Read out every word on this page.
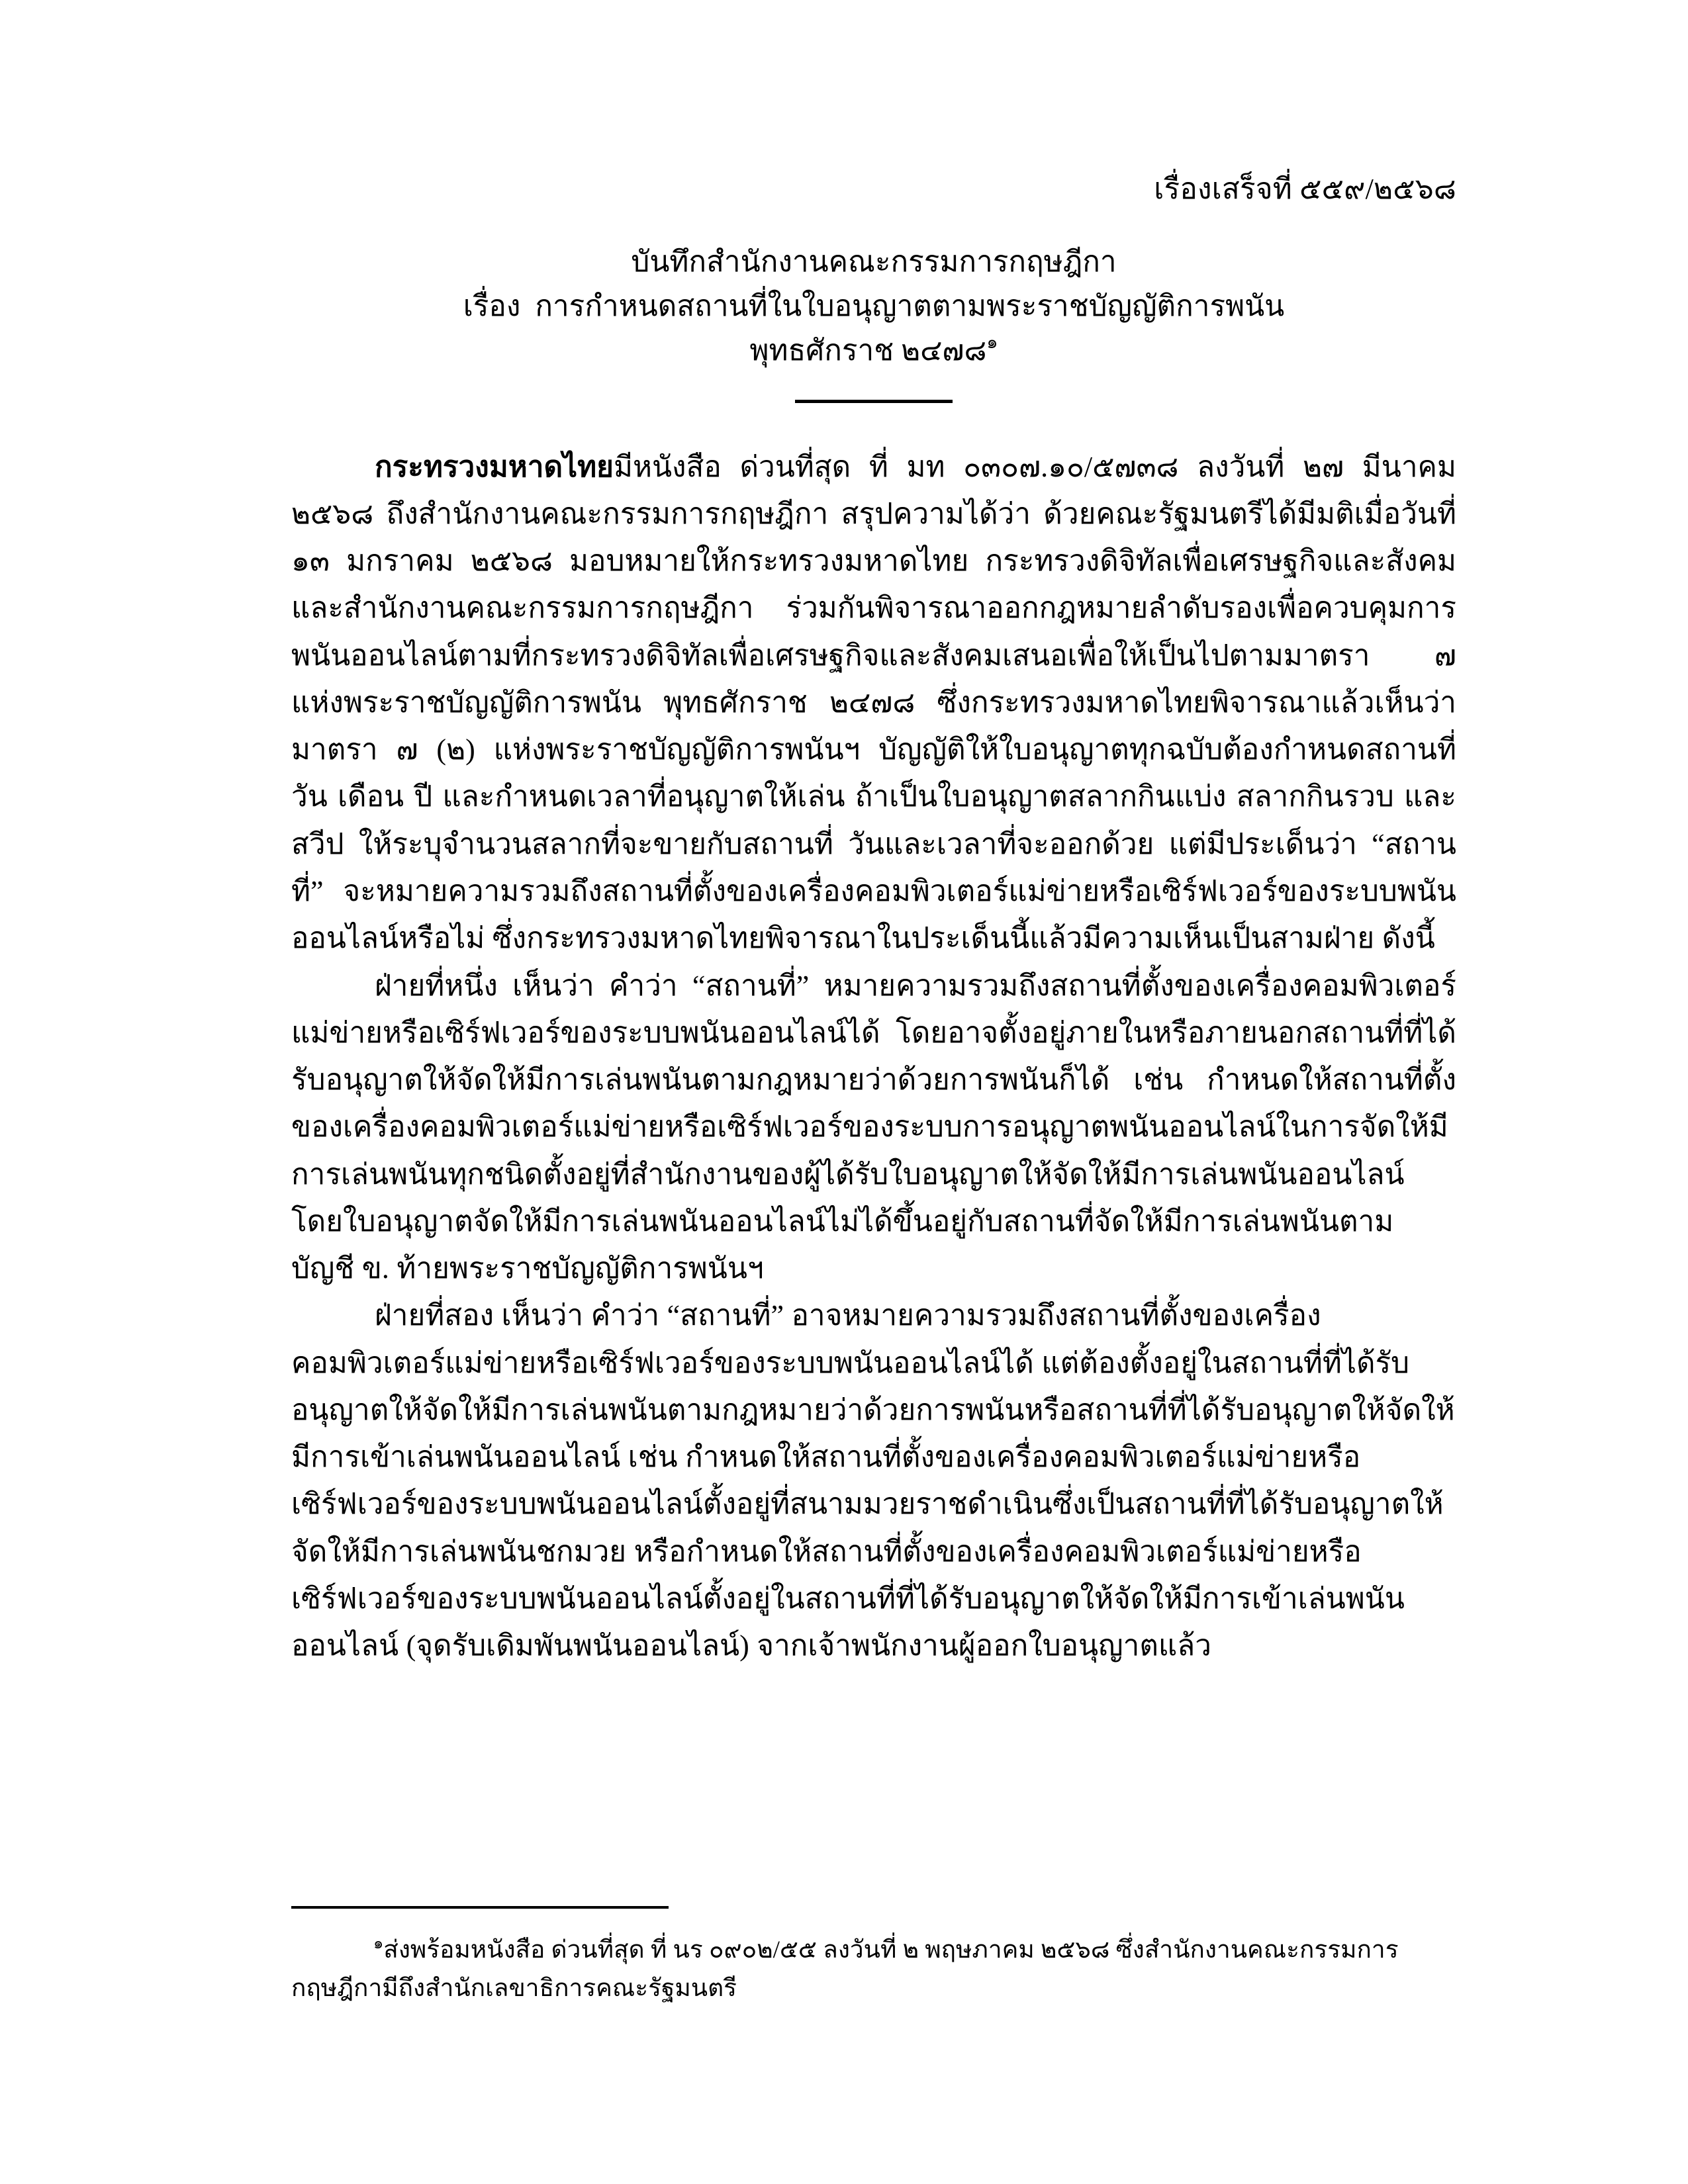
เรื่องเสร็จที่ ๕๕๙/๒๕๖๘
บันทึกสำนักงานคณะกรรมการกฤษฎีกา
เรื่อง  การกำหนดสถานที่ในใบอนุญาตตามพระราชบัญญัติการพนัน
พุทธศักราช ๒๔๗๘$^๑$

กระทรวงมหาดไทยมีหนังสือ ด่วนที่สุด ที่ มท ๐๓๐๗.๑๐/๕๗๓๘ ลงวันที่ ๒๗ มีนาคม ๒๕๖๘ ถึงสำนักงานคณะกรรมการกฤษฎีกา สรุปความได้ว่า ด้วยคณะรัฐมนตรีได้มีมติเมื่อวันที่ ๑๓ มกราคม ๒๕๖๘ มอบหมายให้กระทรวงมหาดไทย กระทรวงดิจิทัลเพื่อเศรษฐกิจและสังคม และสำนักงานคณะกรรมการกฤษฎีกา ร่วมกันพิจารณาออกกฎหมายลำดับรองเพื่อควบคุมการพนันออนไลน์ตามที่กระทรวงดิจิทัลเพื่อเศรษฐกิจและสังคมเสนอเพื่อให้เป็นไปตามมาตรา ๗ แห่งพระราชบัญญัติการพนัน พุทธศักราช ๒๔๗๘ ซึ่งกระทรวงมหาดไทยพิจารณาแล้วเห็นว่า มาตรา ๗ (๒) แห่งพระราชบัญญัติการพนันฯ บัญญัติให้ใบอนุญาตทุกฉบับต้องกำหนดสถานที่ วัน เดือน ปี และกำหนดเวลาที่อนุญาตให้เล่น ถ้าเป็นใบอนุญาตสลากกินแบ่ง สลากกินรวบ และสวีป ให้ระบุจำนวนสลากที่จะขายกับสถานที่ วันและเวลาที่จะออกด้วย แต่มีประเด็นว่า “สถานที่” จะหมายความรวมถึงสถานที่ตั้งของเครื่องคอมพิวเตอร์แม่ข่ายหรือเซิร์ฟเวอร์ของระบบพนันออนไลน์หรือไม่ ซึ่งกระทรวงมหาดไทยพิจารณาในประเด็นนี้แล้วมีความเห็นเป็นสามฝ่าย ดังนี้

ฝ่ายที่หนึ่ง เห็นว่า คำว่า “สถานที่” หมายความรวมถึงสถานที่ตั้งของเครื่องคอมพิวเตอร์แม่ข่ายหรือเซิร์ฟเวอร์ของระบบพนันออนไลน์ได้ โดยอาจตั้งอยู่ภายในหรือภายนอกสถานที่ที่ได้รับอนุญาตให้จัดให้มีการเล่นพนันตามกฎหมายว่าด้วยการพนันก็ได้ เช่น กำหนดให้สถานที่ตั้งของเครื่องคอมพิวเตอร์แม่ข่ายหรือเซิร์ฟเวอร์ของระบบการอนุญาตพนันออนไลน์ในการจัดให้มีการเล่นพนันทุกชนิดตั้งอยู่ที่สำนักงานของผู้ได้รับใบอนุญาตให้จัดให้มีการเล่นพนันออนไลน์ โดยใบอนุญาตจัดให้มีการเล่นพนันออนไลน์ไม่ได้ขึ้นอยู่กับสถานที่จัดให้มีการเล่นพนันตามบัญชี ข. ท้ายพระราชบัญญัติการพนันฯ

ฝ่ายที่สอง เห็นว่า คำว่า “สถานที่” อาจหมายความรวมถึงสถานที่ตั้งของเครื่องคอมพิวเตอร์แม่ข่ายหรือเซิร์ฟเวอร์ของระบบพนันออนไลน์ได้ แต่ต้องตั้งอยู่ในสถานที่ที่ได้รับอนุญาตให้จัดให้มีการเล่นพนันตามกฎหมายว่าด้วยการพนันหรือสถานที่ที่ได้รับอนุญาตให้จัดให้มีการเข้าเล่นพนันออนไลน์ เช่น กำหนดให้สถานที่ตั้งของเครื่องคอมพิวเตอร์แม่ข่ายหรือเซิร์ฟเวอร์ของระบบพนันออนไลน์ตั้งอยู่ที่สนามมวยราชดำเนินซึ่งเป็นสถานที่ที่ได้รับอนุญาตให้จัดให้มีการเล่นพนันชกมวย หรือกำหนดให้สถานที่ตั้งของเครื่องคอมพิวเตอร์แม่ข่ายหรือเซิร์ฟเวอร์ของระบบพนันออนไลน์ตั้งอยู่ในสถานที่ที่ได้รับอนุญาตให้จัดให้มีการเข้าเล่นพนันออนไลน์ (จุดรับเดิมพันพนันออนไลน์) จากเจ้าพนักงานผู้ออกใบอนุญาตแล้ว

$^๑$ส่งพร้อมหนังสือ ด่วนที่สุด ที่ นร ๐๙๐๒/๕๕ ลงวันที่ ๒ พฤษภาคม ๒๕๖๘ ซึ่งสำนักงานคณะกรรมการกฤษฎีกามีถึงสำนักเลขาธิการคณะรัฐมนตรี
